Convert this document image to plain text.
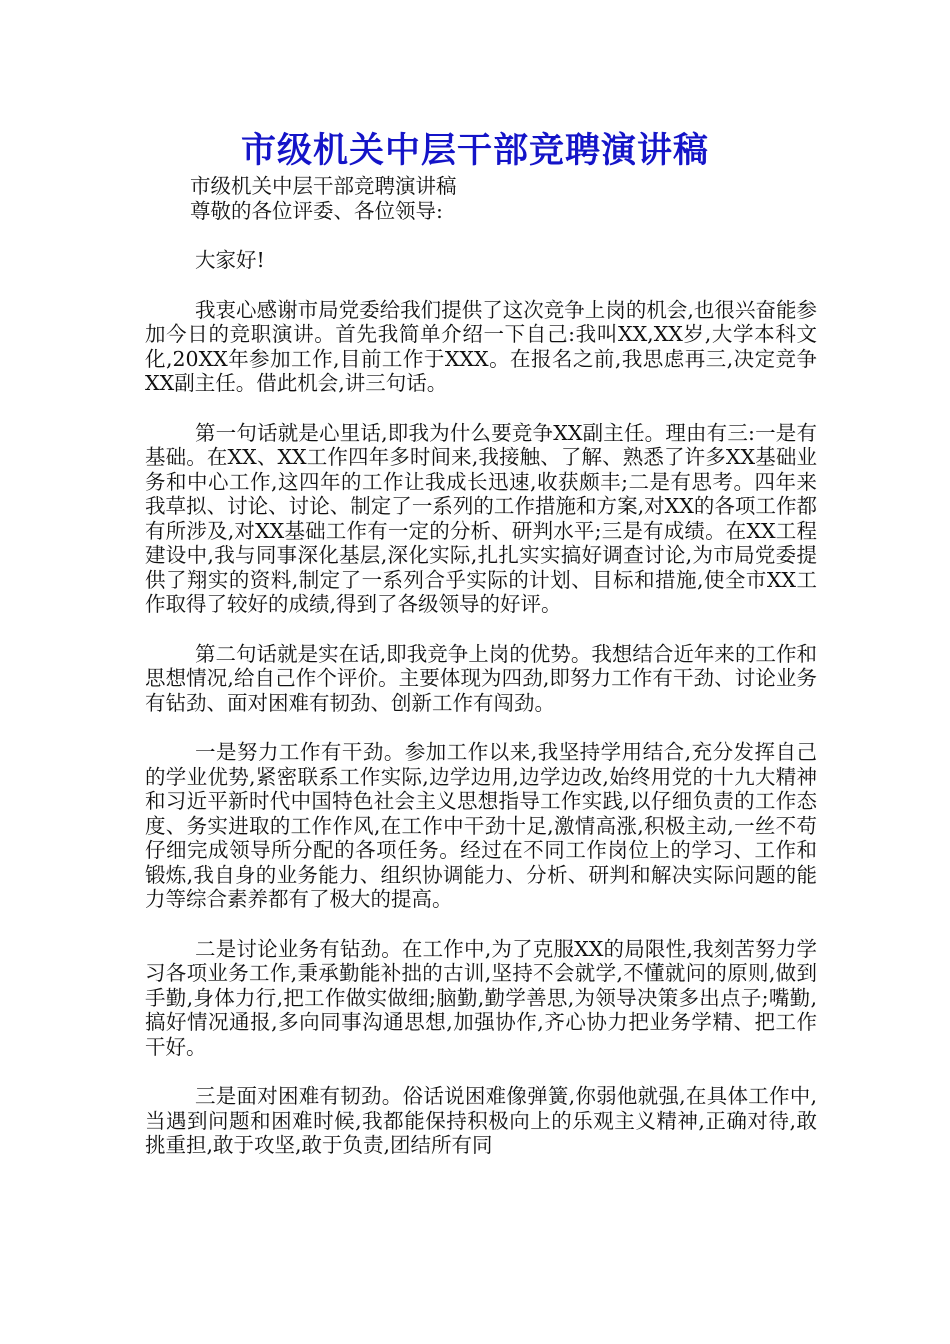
市级机关中层干部竞聘演讲稿

市级机关中层干部竞聘演讲稿

尊敬的各位评委、各位领导:

大家好!

我衷心感谢市局党委给我们提供了这次竞争上岗的机会,也很兴奋能参加今日的竞职演讲。首先我简单介绍一下自己:我叫XX,XX岁,大学本科文化,20XX年参加工作,目前工作于XXX。在报名之前,我思虑再三,决定竞争XX副主任。借此机会,讲三句话。

第一句话就是心里话,即我为什么要竞争XX副主任。理由有三:一是有基础。在XX、XX工作四年多时间来,我接触、了解、熟悉了许多XX基础业务和中心工作,这四年的工作让我成长迅速,收获颇丰;二是有思考。四年来我草拟、讨论、讨论、制定了一系列的工作措施和方案,对XX的各项工作都有所涉及,对XX基础工作有一定的分析、研判水平;三是有成绩。在XX工程建设中,我与同事深化基层,深化实际,扎扎实实搞好调查讨论,为市局党委提供了翔实的资料,制定了一系列合乎实际的计划、目标和措施,使全市XX工作取得了较好的成绩,得到了各级领导的好评。

第二句话就是实在话,即我竞争上岗的优势。我想结合近年来的工作和思想情况,给自己作个评价。主要体现为四劲,即努力工作有干劲、讨论业务有钻劲、面对困难有韧劲、创新工作有闯劲。

一是努力工作有干劲。参加工作以来,我坚持学用结合,充分发挥自己的学业优势,紧密联系工作实际,边学边用,边学边改,始终用党的十九大精神和习近平新时代中国特色社会主义思想指导工作实践,以仔细负责的工作态度、务实进取的工作作风,在工作中干劲十足,激情高涨,积极主动,一丝不苟仔细完成领导所分配的各项任务。经过在不同工作岗位上的学习、工作和锻炼,我自身的业务能力、组织协调能力、分析、研判和解决实际问题的能力等综合素养都有了极大的提高。

二是讨论业务有钻劲。在工作中,为了克服XX的局限性,我刻苦努力学习各项业务工作,秉承勤能补拙的古训,坚持不会就学,不懂就问的原则,做到手勤,身体力行,把工作做实做细;脑勤,勤学善思,为领导决策多出点子;嘴勤,搞好情况通报,多向同事沟通思想,加强协作,齐心协力把业务学精、把工作干好。

三是面对困难有韧劲。俗话说困难像弹簧,你弱他就强,在具体工作中,当遇到问题和困难时候,我都能保持积极向上的乐观主义精神,正确对待,敢挑重担,敢于攻坚,敢于负责,团结所有同
